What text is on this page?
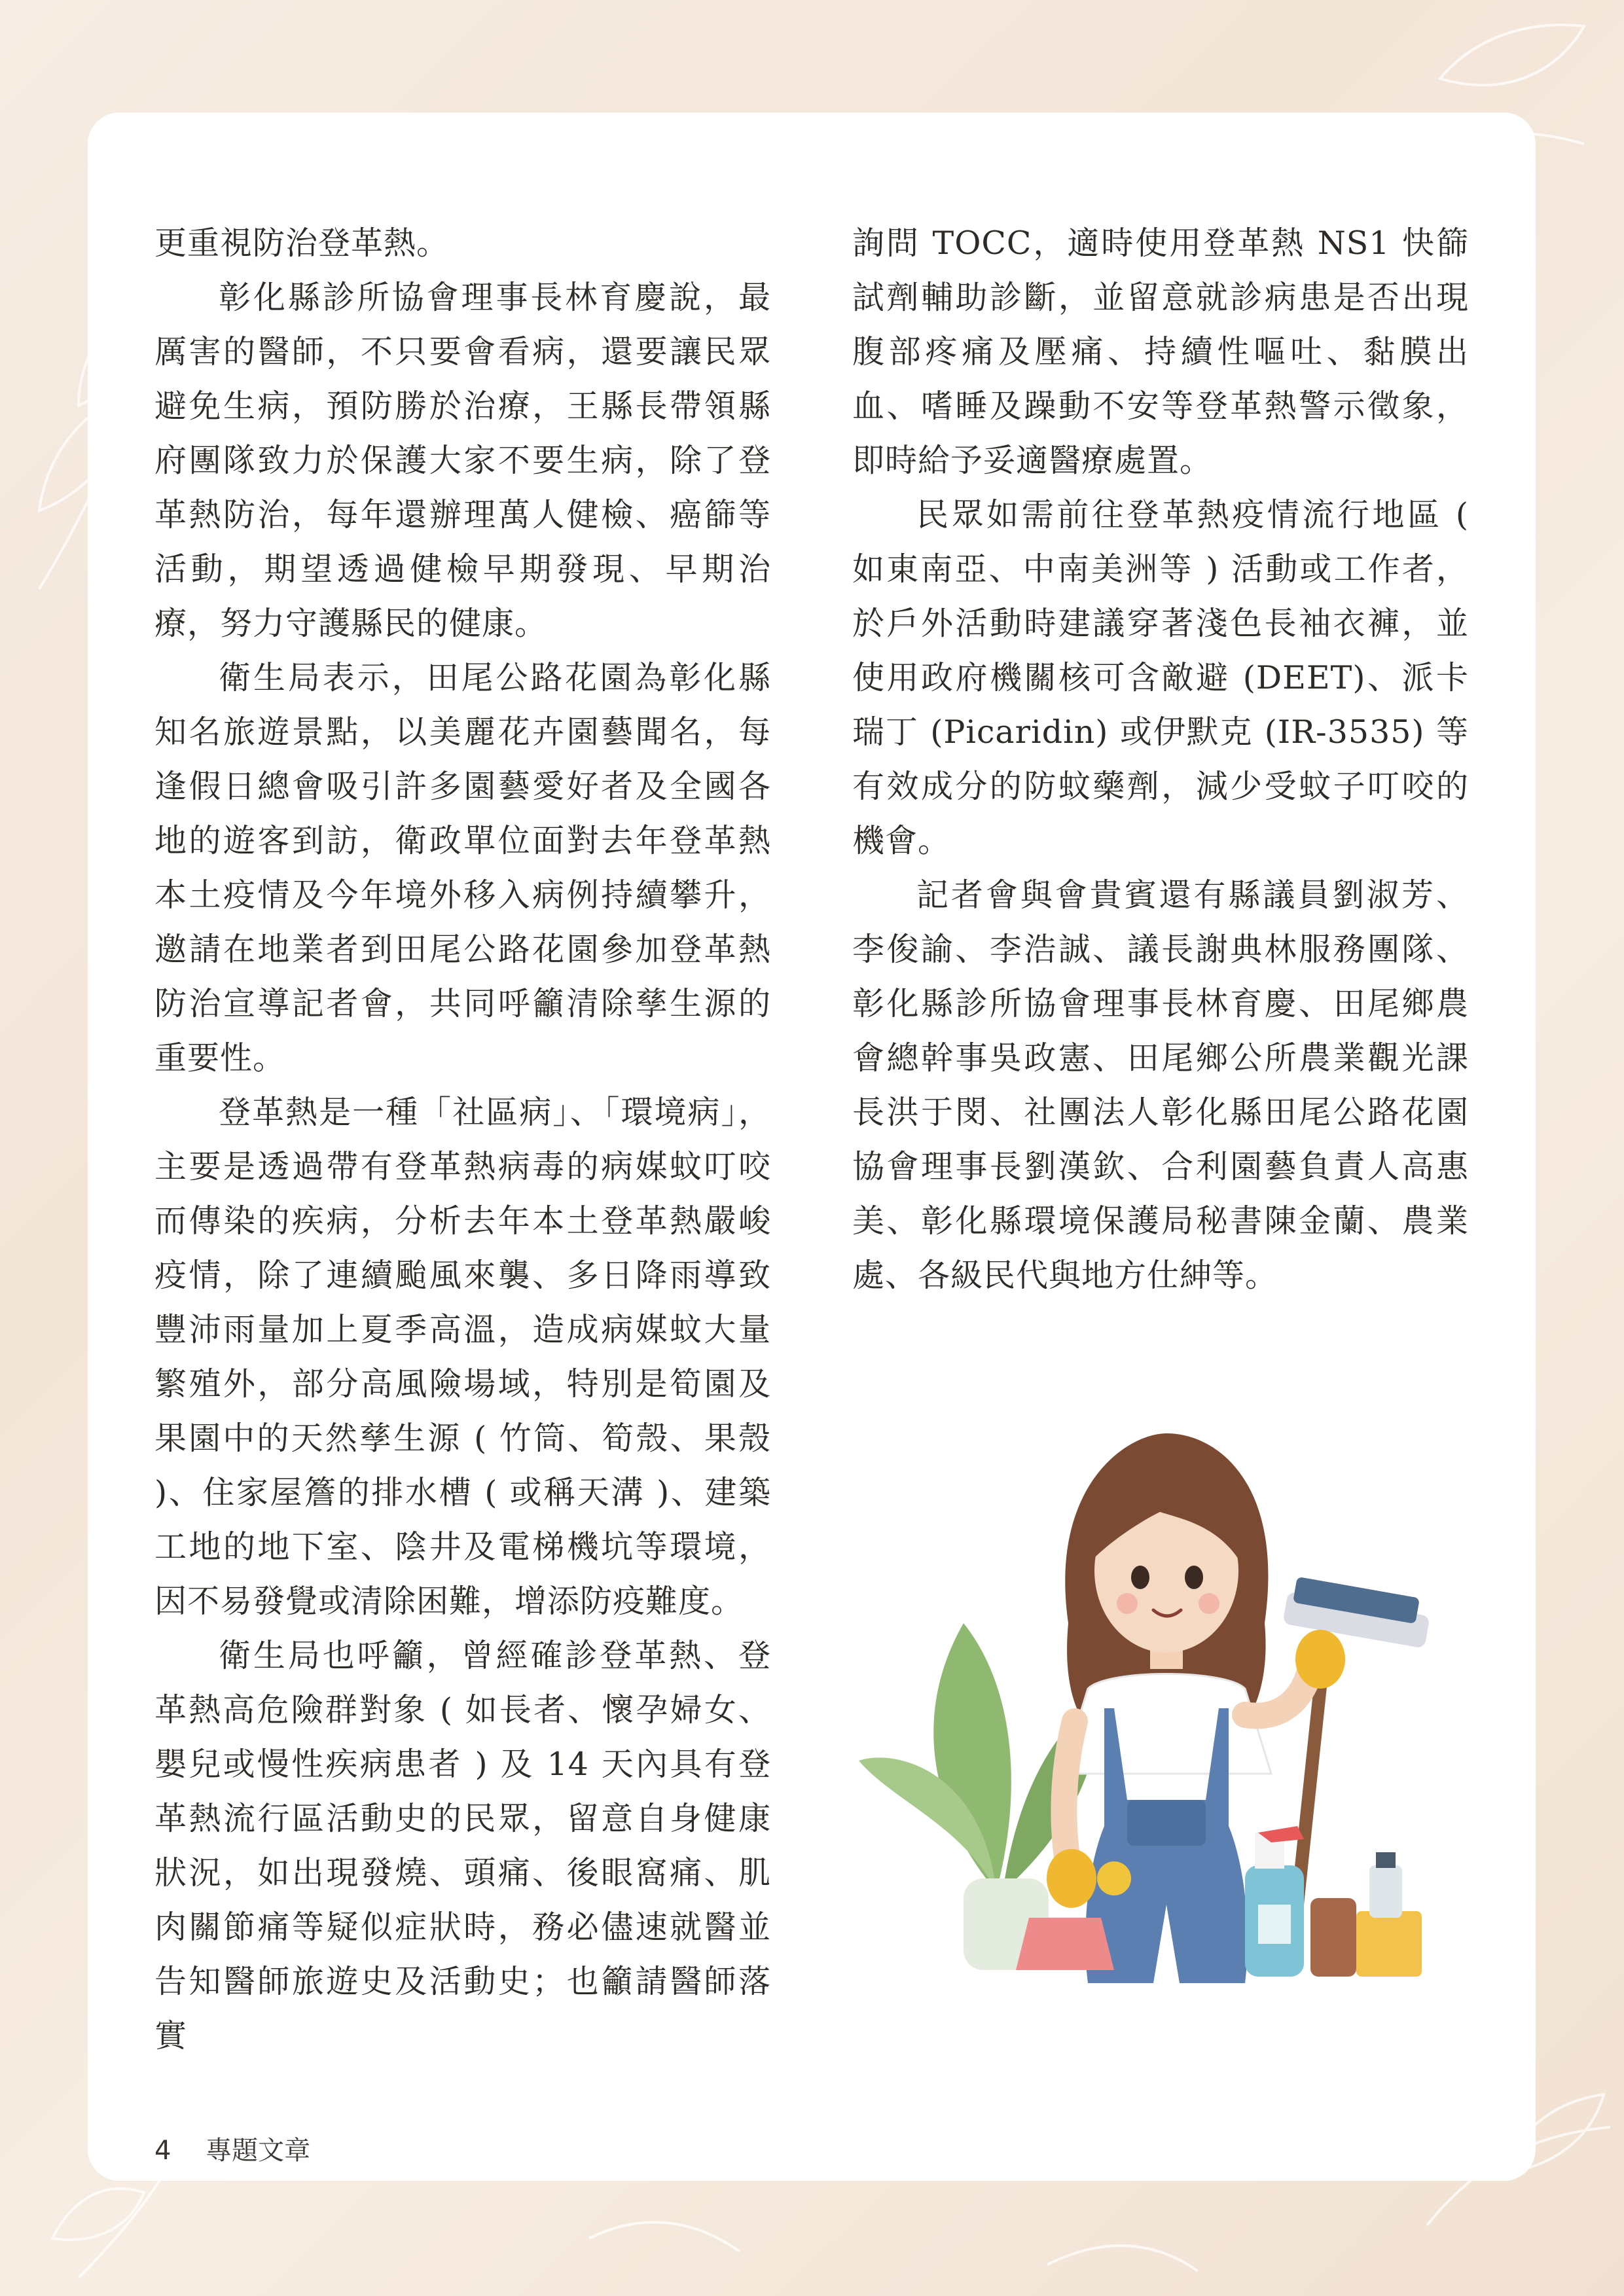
更重視防治登革熱。

彰化縣診所協會理事長林育慶說，最厲害的醫師，不只要會看病，還要讓民眾避免生病，預防勝於治療，王縣長帶領縣府團隊致力於保護大家不要生病，除了登革熱防治，每年還辦理萬人健檢、癌篩等活動，期望透過健檢早期發現、早期治療，努力守護縣民的健康。

衛生局表示，田尾公路花園為彰化縣知名旅遊景點，以美麗花卉園藝聞名，每逢假日總會吸引許多園藝愛好者及全國各地的遊客到訪，衛政單位面對去年登革熱本土疫情及今年境外移入病例持續攀升，邀請在地業者到田尾公路花園參加登革熱防治宣導記者會，共同呼籲清除孳生源的重要性。

登革熱是一種「社區病」、「環境病」，主要是透過帶有登革熱病毒的病媒蚊叮咬而傳染的疾病，分析去年本土登革熱嚴峻疫情，除了連續颱風來襲、多日降雨導致豐沛雨量加上夏季高溫，造成病媒蚊大量繁殖外，部分高風險場域，特別是筍園及果園中的天然孳生源 ( 竹筒、筍殼、果殼 )、住家屋簷的排水槽 ( 或稱天溝 )、建築工地的地下室、陰井及電梯機坑等環境，因不易發覺或清除困難，增添防疫難度。

衛生局也呼籲，曾經確診登革熱、登革熱高危險群對象 ( 如長者、懷孕婦女、嬰兒或慢性疾病患者 ) 及 14 天內具有登革熱流行區活動史的民眾，留意自身健康狀況，如出現發燒、頭痛、後眼窩痛、肌肉關節痛等疑似症狀時，務必儘速就醫並告知醫師旅遊史及活動史；也籲請醫師落實

詢問 TOCC，適時使用登革熱 NS1 快篩試劑輔助診斷，並留意就診病患是否出現腹部疼痛及壓痛、持續性嘔吐、黏膜出血、嗜睡及躁動不安等登革熱警示徵象，即時給予妥適醫療處置。

民眾如需前往登革熱疫情流行地區 ( 如東南亞、中南美洲等 ) 活動或工作者，於戶外活動時建議穿著淺色長袖衣褲，並使用政府機關核可含敵避 (DEET)、派卡瑞丁 (Picaridin) 或伊默克 (IR-3535) 等有效成分的防蚊藥劑，減少受蚊子叮咬的機會。

記者會與會貴賓還有縣議員劉淑芳、李俊諭、李浩誠、議長謝典林服務團隊、彰化縣診所協會理事長林育慶、田尾鄉農會總幹事吳政憲、田尾鄉公所農業觀光課長洪于閔、社團法人彰化縣田尾公路花園協會理事長劉漢欽、合利園藝負責人高惠美、彰化縣環境保護局秘書陳金蘭、農業處、各級民代與地方仕紳等。

4 專題文章
